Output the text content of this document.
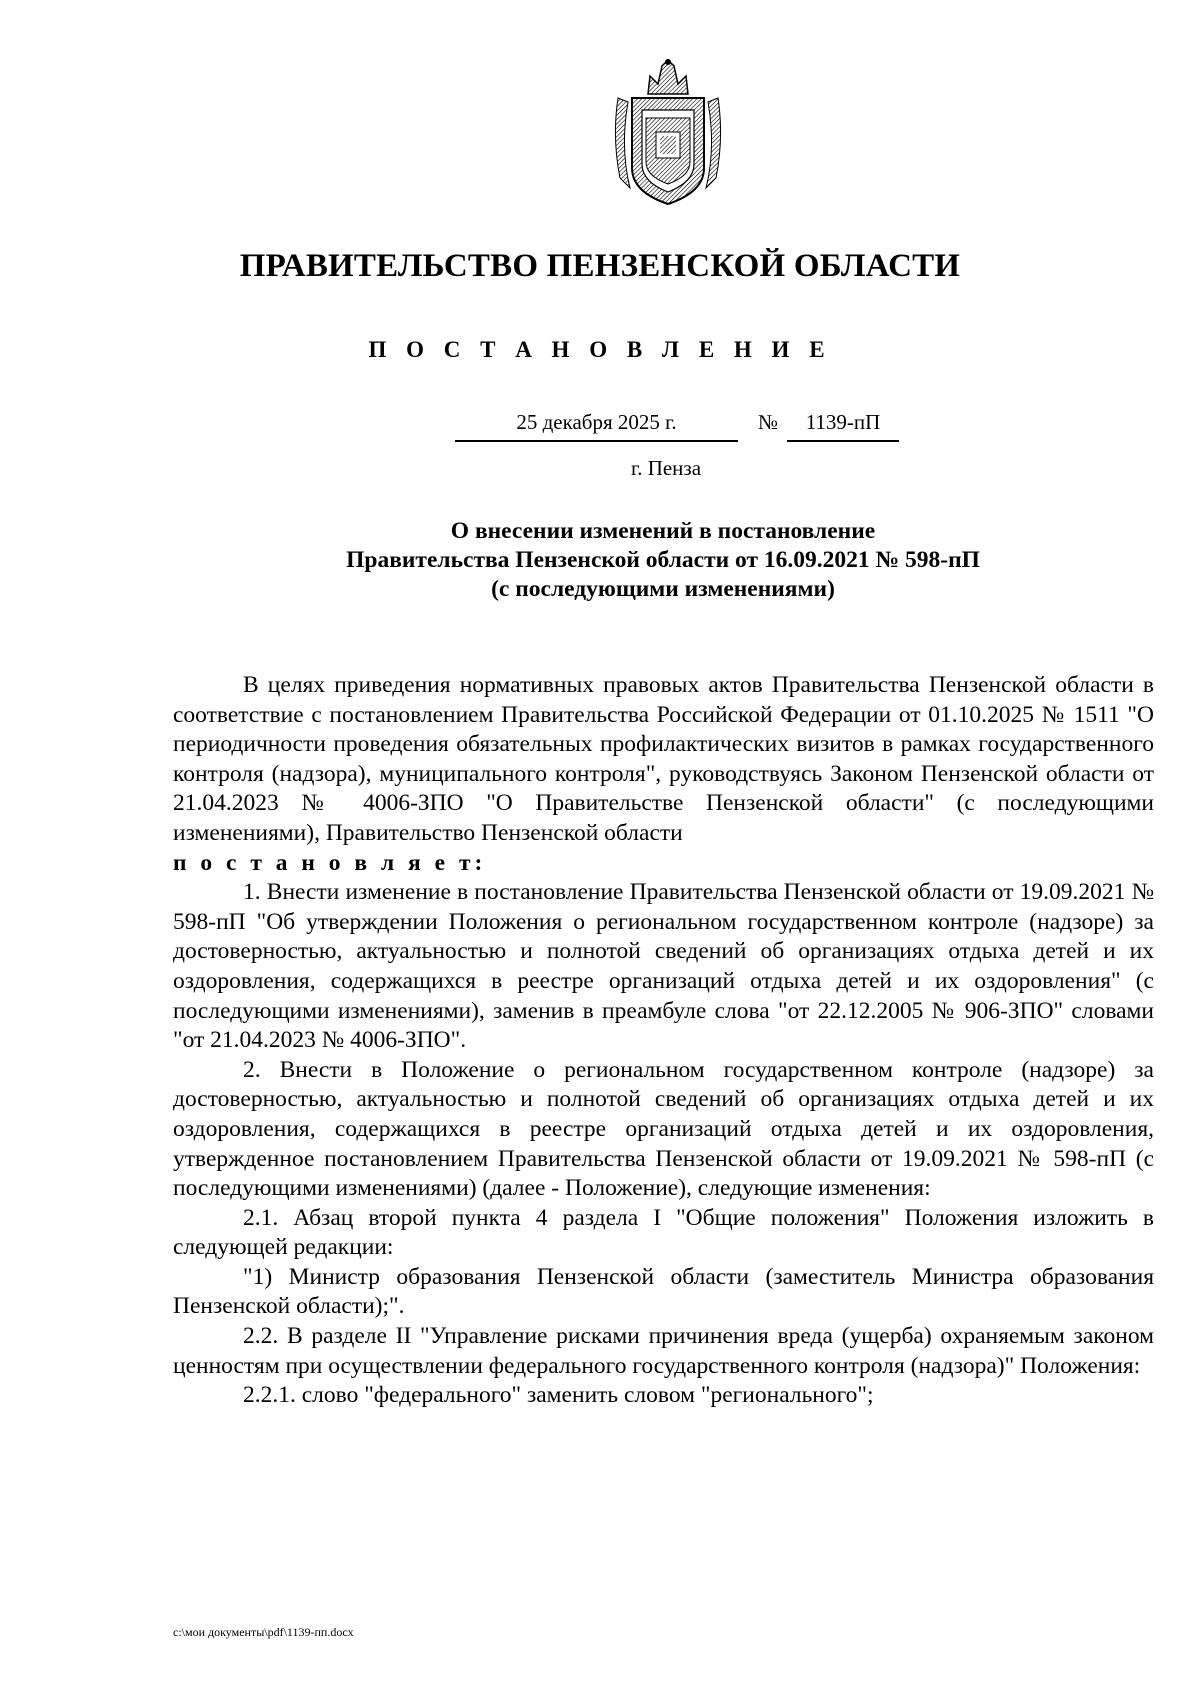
ПРАВИТЕЛЬСТВО ПЕНЗЕНСКОЙ ОБЛАСТИ
П О С Т А Н О В Л Е Н И Е
25 декабря 2025 г.	№	1139-пП
г. Пенза
О внесении изменений в постановление
Правительства Пензенской области от 16.09.2021 № 598-пП
(с последующими изменениями)

В целях приведения нормативных правовых актов Правительства Пензенской области в соответствие с постановлением Правительства Российской Федерации от 01.10.2025 № 1511 "О периодичности проведения обязательных профилактических визитов в рамках государственного контроля (надзора), муниципального контроля", руководствуясь Законом Пензенской области от 21.04.2023 № 4006-ЗПО "О Правительстве Пензенской области" (с последующими изменениями), Правительство Пензенской области

п о с т а н о в л я е т:

1. Внести изменение в постановление Правительства Пензенской области от 19.09.2021 № 598-пП "Об утверждении Положения о региональном государственном контроле (надзоре) за достоверностью, актуальностью и полнотой сведений об организациях отдыха детей и их оздоровления, содержащихся в реестре организаций отдыха детей и их оздоровления" (с последующими изменениями), заменив в преамбуле слова "от 22.12.2005 № 906-ЗПО" словами "от 21.04.2023 № 4006-ЗПО".

2. Внести в Положение о региональном государственном контроле (надзоре) за достоверностью, актуальностью и полнотой сведений об организациях отдыха детей и их оздоровления, содержащихся в реестре организаций отдыха детей и их оздоровления, утвержденное постановлением Правительства Пензенской области от 19.09.2021 № 598-пП (с последующими изменениями) (далее - Положение), следующие изменения:

2.1. Абзац второй пункта 4 раздела I "Общие положения" Положения изложить в следующей редакции:

"1) Министр образования Пензенской области (заместитель Министра образования Пензенской области);".

2.2. В разделе II "Управление рисками причинения вреда (ущерба) охраняемым законом ценностям при осуществлении федерального государственного контроля (надзора)" Положения:

2.2.1. слово "федерального" заменить словом "регионального";

c:\мои документы\pdf\1139-пп.docx
